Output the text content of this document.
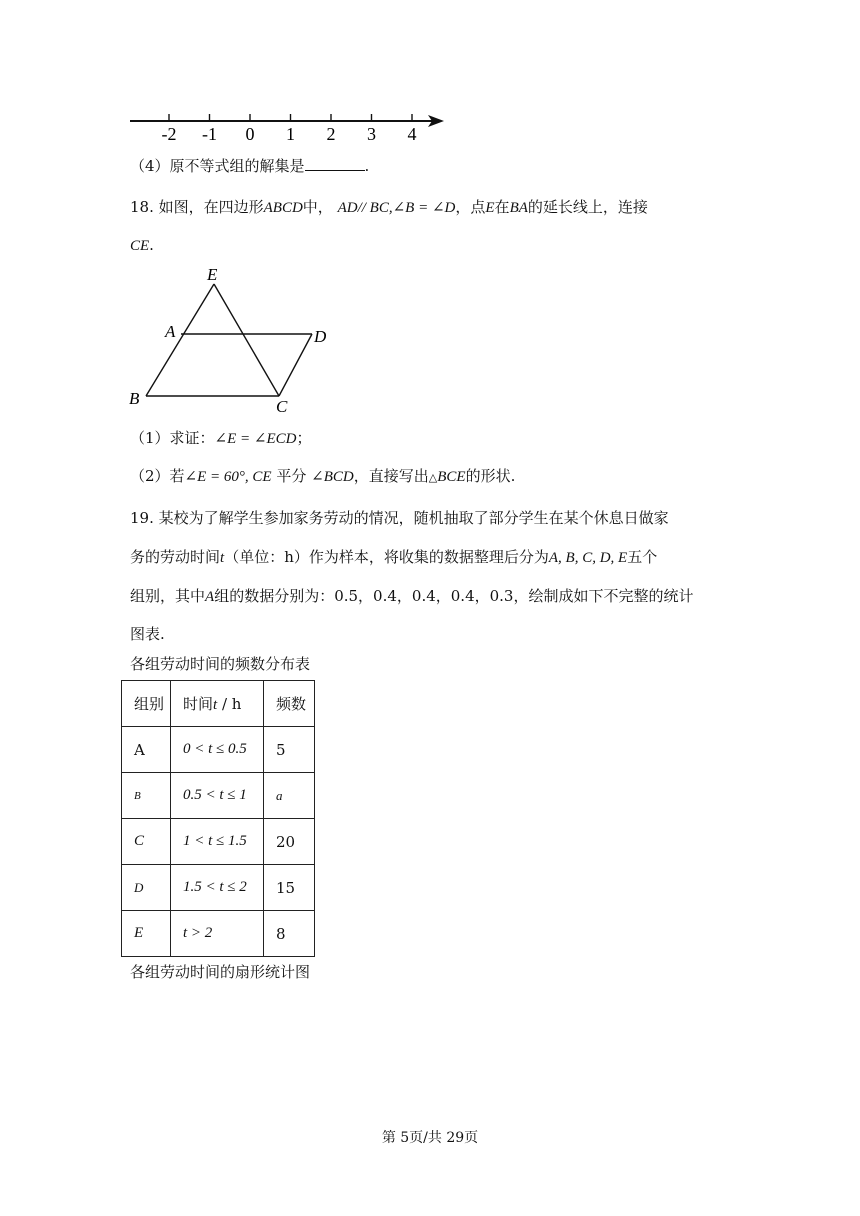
-2 -1 0 1 2 3 4
（4）原不等式组的解集是	.
18. 如图，在四边形ABCD中， AD// BC,∠B = ∠D，点E在BA的延长线上，连接
CE.
E
A	D
B	C
（1）求证：∠E = ∠ECD；
（2）若∠E = 60°, CE 平分 ∠BCD，直接写出△BCE的形状.
19. 某校为了解学生参加家务劳动的情况，随机抽取了部分学生在某个休息日做家
务的劳动时间t（单位：h）作为样本，将收集的数据整理后分为A, B, C, D, E五个
组别，其中A组的数据分别为：0.5，0.4，0.4，0.4，0.3，绘制成如下不完整的统计
图表.
各组劳动时间的频数分布表
组别	时间t / h	频数
A	0 < t ≤ 0.5	5
B	0.5 < t ≤ 1	a
C	1 < t ≤ 1.5	20
D	1.5 < t ≤ 2	15
E	t > 2	8
各组劳动时间的扇形统计图
第 5页/共 29页
